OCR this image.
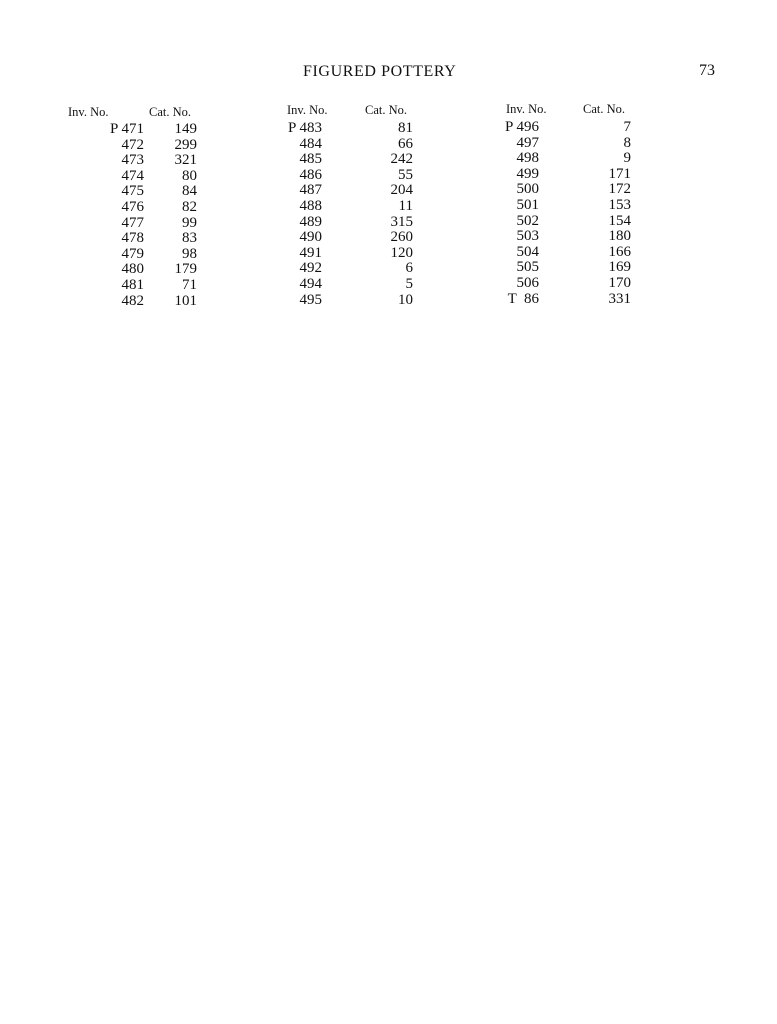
FIGURED POTTERY	73
Inv. No.	Cat. No.
P 471 149
472 299
473 321
474	80
475	84
476	82
477	99
478	83
479	98
480 179
481	71
482 101
Inv. No.	Cat. No.
P 483	81
484	66
485	242
486	55
487	204
488	11
489	315
490	260
491	120
492	6
494	5
495	10
Inv. No.	Cat. No.
P 496	7
497	8
498	9
499	171
500	172
501	153
502	154
503	180
504	166
505	169
506	170
T  86	331
